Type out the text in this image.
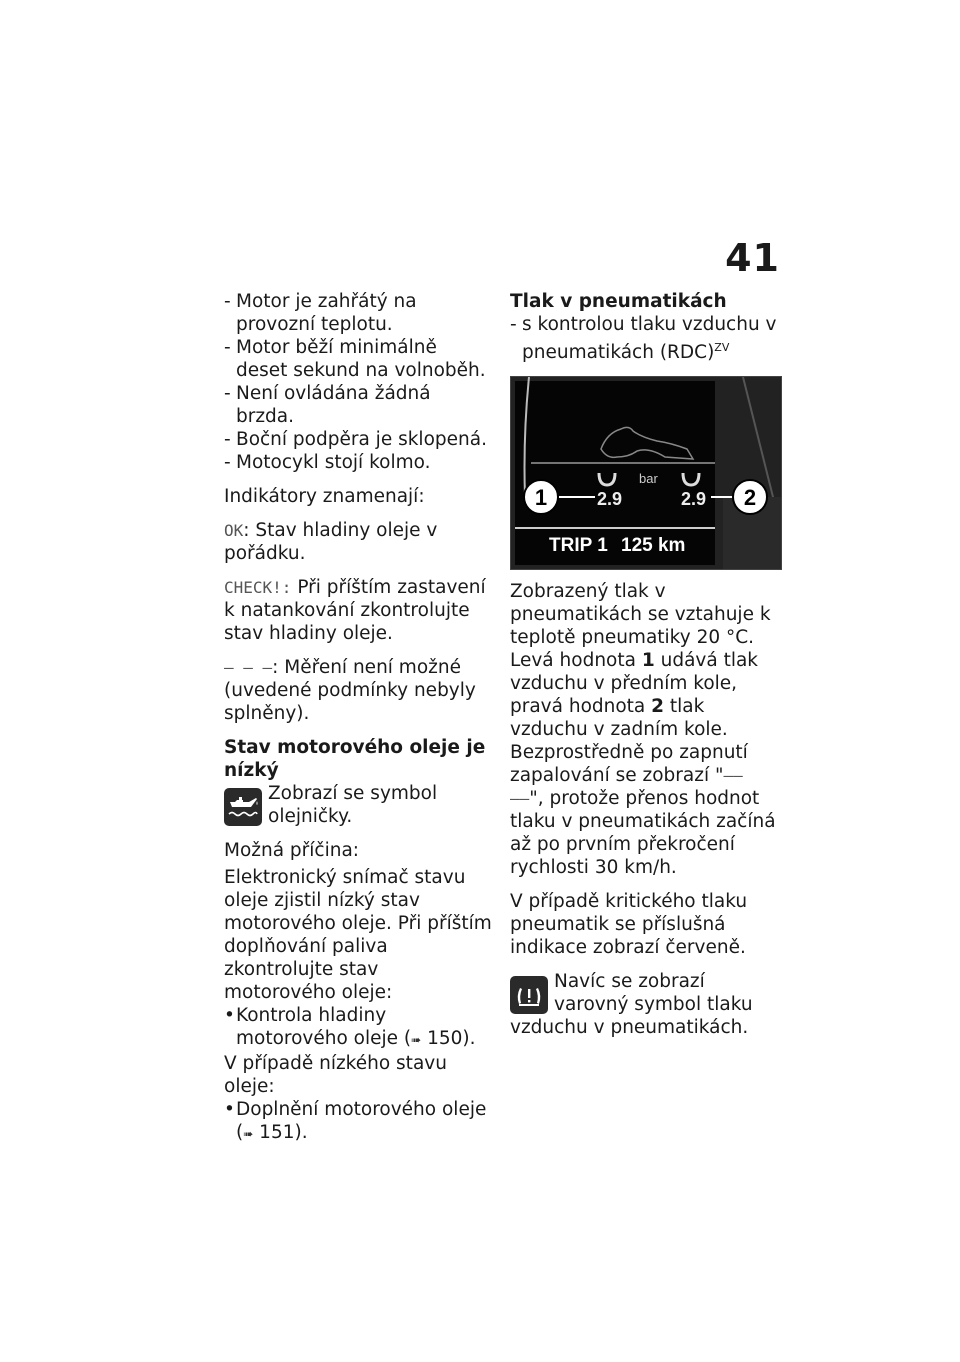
41
- Motor je zahřátý na provozní teplotu.
- Motor běží minimálně deset sekund na volnoběh.
- Není ovládána žádná brzda.
- Boční podpěra je sklopená.
- Motocykl stojí kolmo.

Indikátory znamenají:

OK: Stav hladiny oleje v pořádku.

CHECK!: Při příštím zastavení k natankování zkontrolujte stav hladiny oleje.

– – –: Měření není možné (uvedené podmínky nebyly splněny).

Stav motorového oleje je nízký
Zobrazí se symbol olejničky.

Možná příčina:

Elektronický snímač stavu oleje zjistil nízký stav motorového oleje. Při příštím doplňování paliva zkontrolujte stav motorového oleje:

• Kontrola hladiny motorového oleje (➠ 150).

V případě nízkého stavu oleje:

• Doplnění motorového oleje (➠ 151).
Tlak v pneumatikách
- s kontrolou tlaku vzduchu v pneumatikách (RDC)$^{ZV}$
bar
2.9	2.9
1	2
TRIP 1 125 km

Zobrazený tlak v pneumatikách se vztahuje k teplotě pneumatiky 20 °C. Levá hodnota 1 udává tlak vzduchu v předním kole, pravá hodnota 2 tlak vzduchu v zadním kole. Bezprostředně po zapnutí zapalování se zobrazí "–– ––", protože přenos hodnot tlaku v pneumatikách začíná až po prvním překročení rychlosti 30 km/h.

V případě kritického tlaku pneumatik se příslušná indikace zobrazí červeně.

Navíc se zobrazí varovný symbol tlaku vzduchu v pneumatikách.
